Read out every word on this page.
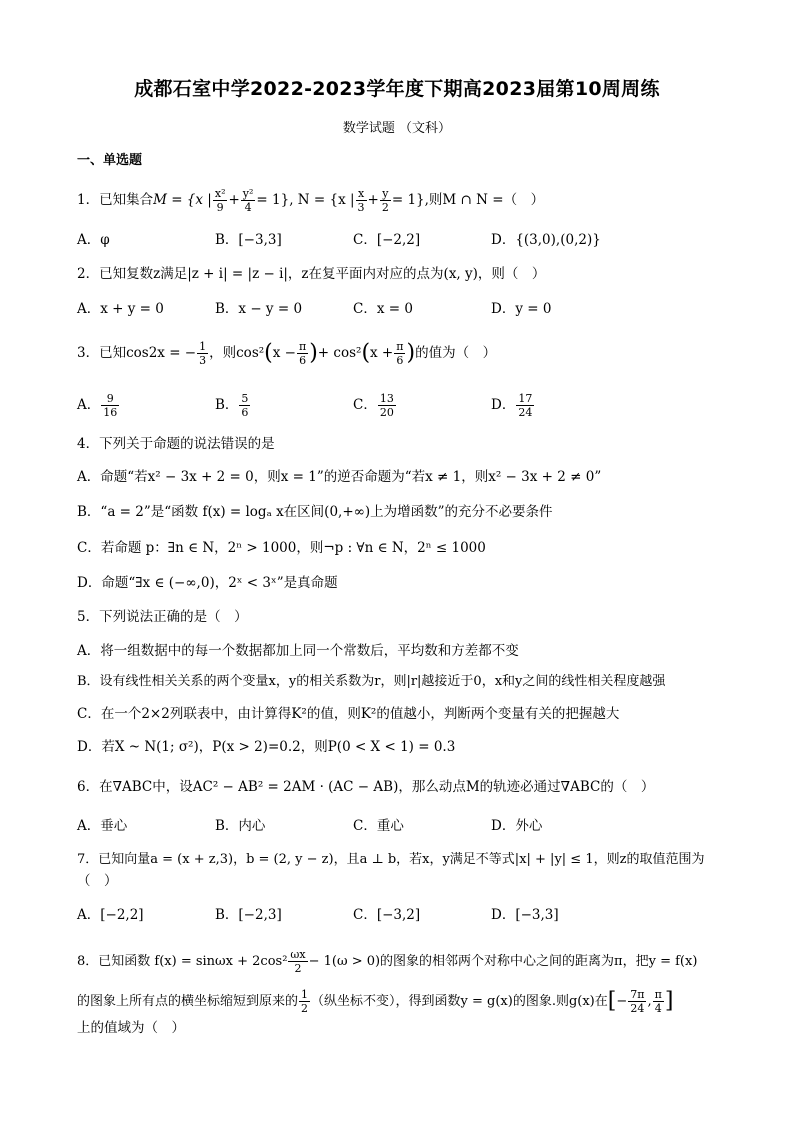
成都石室中学2022-2023学年度下期高2023届第10周周练
数学试题 （文科）
一、单选题
1．已知集合M = {x | $\frac{\text{x²}}{9} + \frac{\text{y²}}{4} = 1$}, N = {x | $\frac{x}{3} + \frac{y}{2} = 1$},则M ∩ N =（　）
A．φ	B．[−3,3]	C．[−2,2]	D．{(3,0),(0,2)}
2．已知复数z满足|z + i| = |z − i|，z在复平面内对应的点为(x, y)，则（　）
A．x + y = 0	B．x − y = 0	C．x = 0	D．y = 0
3．已知cos2x = − $\frac{1}{3}$ ，则$\cos^2(x - \frac{\pi}{6}$ )+ $\cos^2(x + \frac{\pi}{6}$ )的值为（　）
A． $\frac{9}{16}$	B． $\frac{5}{6}$	C． $\frac{13}{20}$	D． $\frac{17}{24}$
4．下列关于命题的说法错误的是
A．命题“若x² − 3x + 2 = 0，则x = 1”的逆否命题为“若x ≠ 1，则x² − 3x + 2 ≠ 0”
B．“a = 2”是“函数 f(x) = logₐ x在区间(0,+∞)上为增函数”的充分不必要条件
C．若命题 p：∃n ∈ N，2ⁿ > 1000，则¬p : ∀n ∈ N，2ⁿ ≤ 1000
D．命题“∃x ∈ (−∞,0)，2ˣ < 3ˣ”是真命题
5．下列说法正确的是（　）
A．将一组数据中的每一个数据都加上同一个常数后，平均数和方差都不变
B．设有线性相关关系的两个变量x，y的相关系数为r，则|r|越接近于0，x和y之间的线性相关程度越强
C．在一个2×2列联表中，由计算得K²的值，则K²的值越小，判断两个变量有关的把握越大
D．若X ~ N(1; σ²)，P(x > 2)=0.2，则P(0 < X < 1) = 0.3
6．在∇ABC中，设AC² − AB² = 2AM · (AC − AB)，那么动点M的轨迹必通过∇ABC的（　）
A．垂心	B．内心	C．重心	D．外心
7．已知向量a = (x + z,3)，b = (2, y − z)，且a ⊥ b，若x，y满足不等式|x| + |y| ≤ 1，则z的取值范围为
（　）
A．[−2,2]	B．[−2,3]	C．[−3,2]	D．[−3,3]
8．已知函数 $f(x) = \sin\omega x + 2\cos^2 \frac{\omega x}{2} - 1(\omega > 0)$的图象的相邻两个对称中心之间的距离为π，把y = f(x)
的图象上所有点的横坐标缩短到原来的 $\frac{1}{2}$ （纵坐标不变），得到函数y = g(x)的图象.则g(x)在[− $\frac{7\pi}{24}$ , $\frac{\pi}{4}$ ]
上的值域为（　）
